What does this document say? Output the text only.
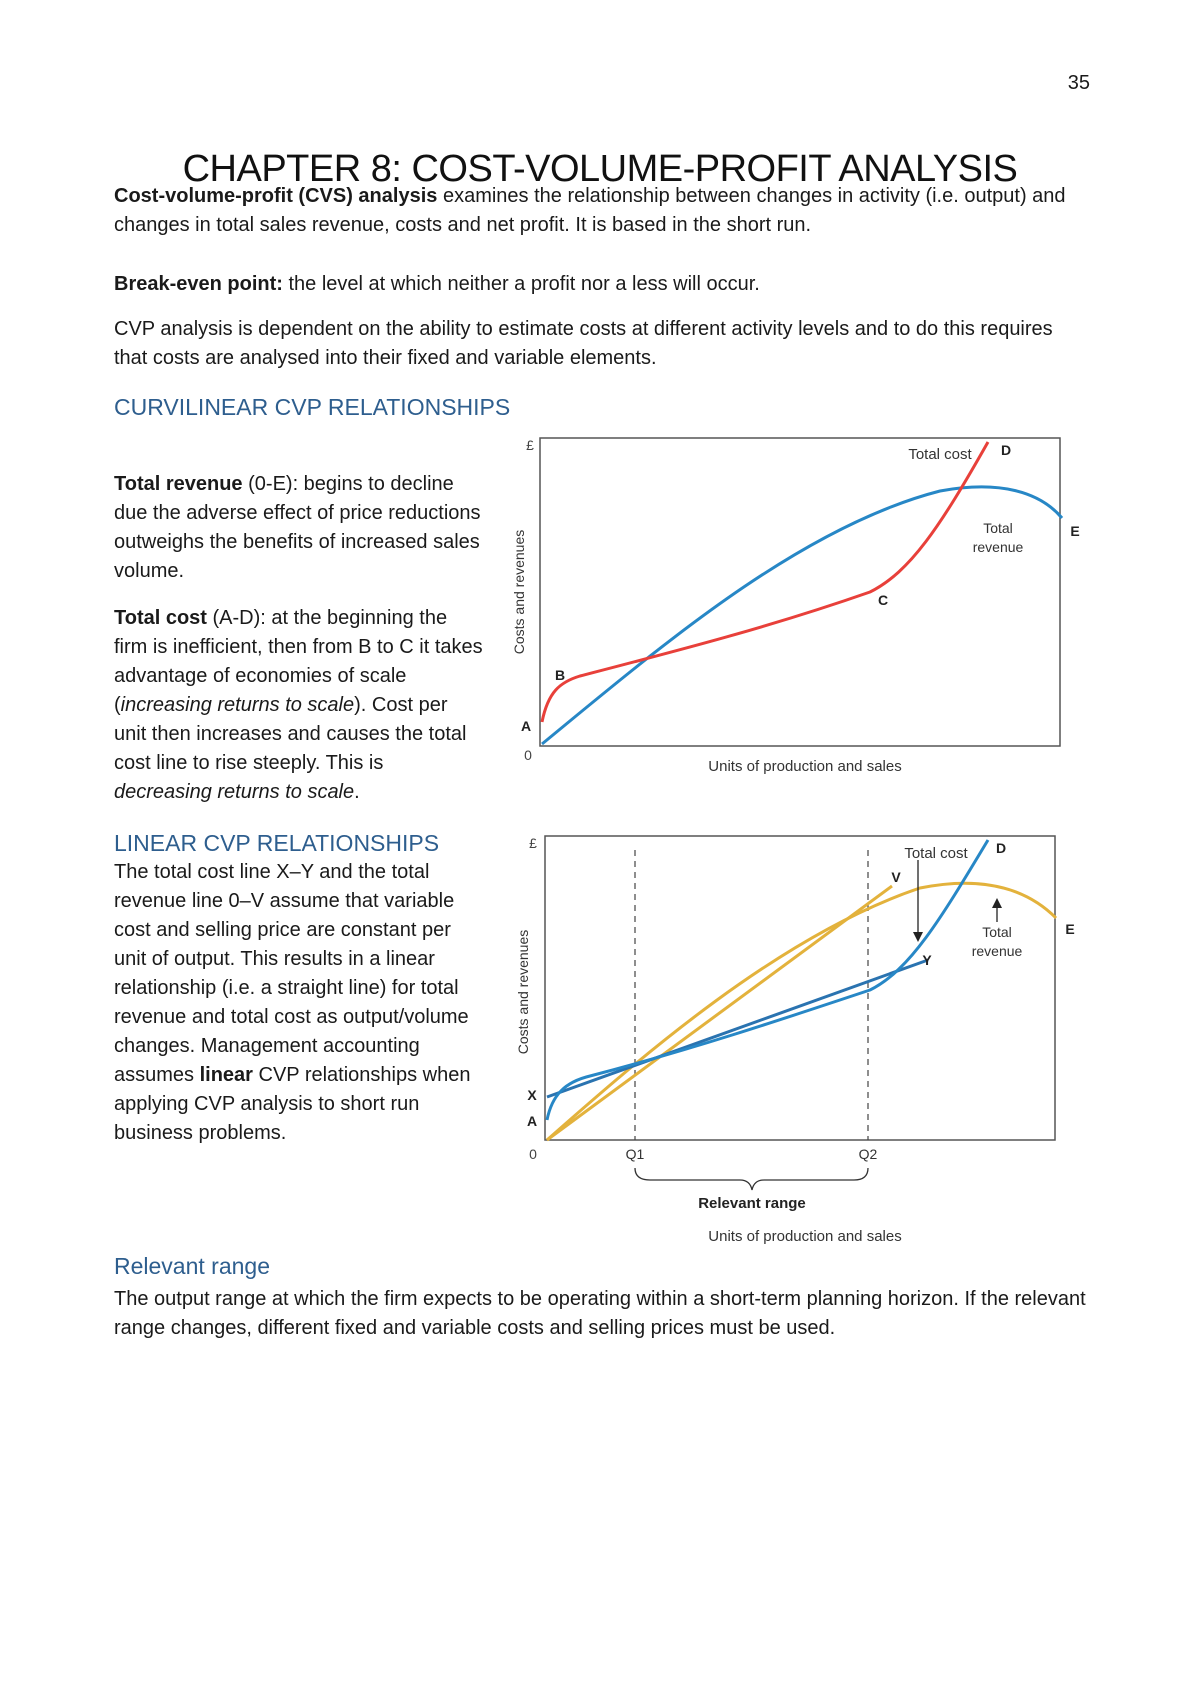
35
CHAPTER 8: COST-VOLUME-PROFIT ANALYSIS

Cost-volume-profit (CVS) analysis examines the relationship between changes in activity (i.e. output) and changes in total sales revenue, costs and net profit. It is based in the short run.

Break-even point: the level at which neither a profit nor a less will occur.

CVP analysis is dependent on the ability to estimate costs at different activity levels and to do this requires that costs are analysed into their fixed and variable elements.

CURVILINEAR CVP RELATIONSHIPS

Total revenue (0-E): begins to decline due the adverse effect of price reductions outweighs the benefits of increased sales volume.

Total cost (A-D): at the beginning the firm is inefficient, then from B to C it takes advantage of economies of scale (increasing returns to scale). Cost per unit then increases and causes the total cost line to rise steeply. This is decreasing returns to scale.

LINEAR CVP RELATIONSHIPS

The total cost line X–Y and the total revenue line 0–V assume that variable cost and selling price are constant per unit of output. This results in a linear relationship (i.e. a straight line) for total revenue and total cost as output/volume changes. Management accounting assumes linear CVP relationships when applying CVP analysis to short run business problems.

£
0
Costs and revenues
Units of production and sales
Total cost D
Total
revenue
E
A
B
C
£
0
Costs and revenues
Total cost D
V
Y
Total
revenue
E
X
A
Q1	Q2
Relevant range
Units of production and sales
Relevant range

The output range at which the firm expects to be operating within a short-term planning horizon. If the relevant range changes, different fixed and variable costs and selling prices must be used.
